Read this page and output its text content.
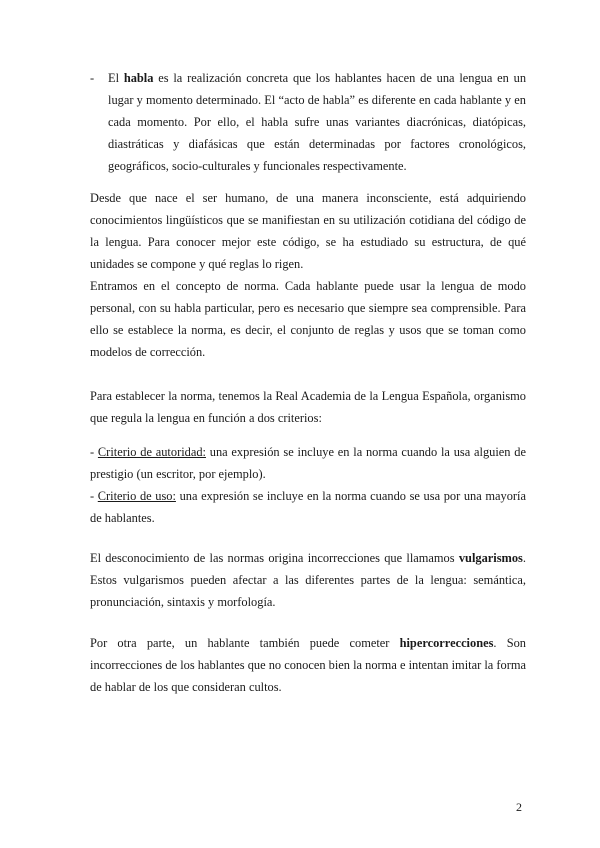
- El habla es la realización concreta que los hablantes hacen de una lengua en un lugar y momento determinado. El “acto de habla” es diferente en cada hablante y en cada momento. Por ello, el habla sufre unas variantes diacrónicas, diatópicas, diastráticas y diafásicas que están determinadas por factores cronológicos, geográficos, socio-culturales y funcionales respectivamente.
Desde que nace el ser humano, de una manera inconsciente, está adquiriendo conocimientos lingüísticos que se manifiestan en su utilización cotidiana del código de la lengua. Para conocer mejor este código, se ha estudiado su estructura, de qué unidades se compone y qué reglas lo rigen.
Entramos en el concepto de norma. Cada hablante puede usar la lengua de modo personal, con su habla particular, pero es necesario que siempre sea comprensible. Para ello se establece la norma, es decir, el conjunto de reglas y usos que se toman como modelos de corrección.
Para establecer la norma, tenemos la Real Academia de la Lengua Española, organismo que regula la lengua en función a dos criterios:
- Criterio de autoridad: una expresión se incluye en la norma cuando la usa alguien de prestigio (un escritor, por ejemplo).
- Criterio de uso: una expresión se incluye en la norma cuando se usa por una mayoría de hablantes.
El desconocimiento de las normas origina incorrecciones que llamamos vulgarismos. Estos vulgarismos pueden afectar a las diferentes partes de la lengua: semántica, pronunciación, sintaxis y morfología.
Por otra parte, un hablante también puede cometer hipercorrecciones. Son incorrecciones de los hablantes que no conocen bien la norma e intentan imitar la forma de hablar de los que consideran cultos.
2
